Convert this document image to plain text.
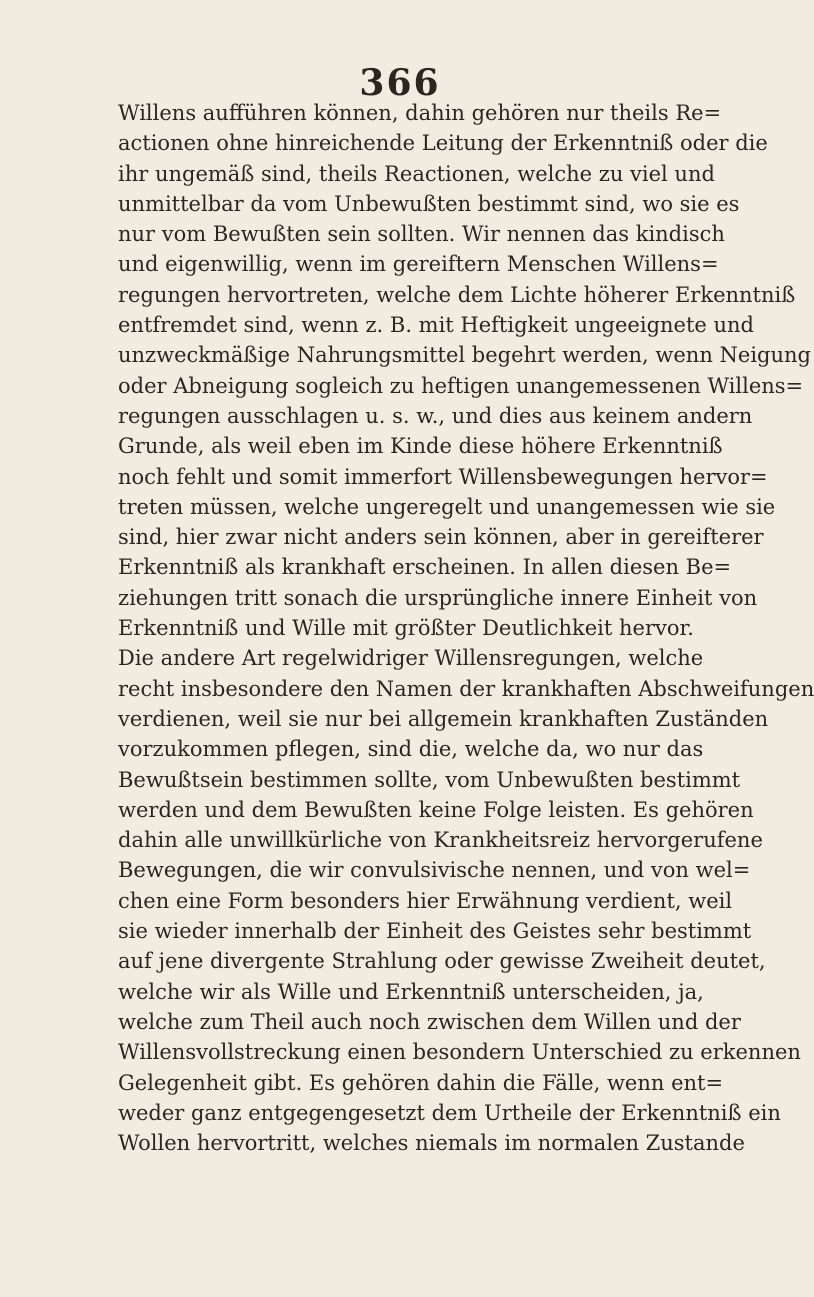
366
Willens aufführen können, dahin gehören nur theils Re=
actionen ohne hinreichende Leitung der Erkenntniß oder die
ihr ungemäß sind, theils Reactionen, welche zu viel und
unmittelbar da vom Unbewußten bestimmt sind, wo sie es
nur vom Bewußten sein sollten. Wir nennen das kindisch
und eigenwillig, wenn im gereiftern Menschen Willens=
regungen hervortreten, welche dem Lichte höherer Erkenntniß
entfremdet sind, wenn z. B. mit Heftigkeit ungeeignete und
unzweckmäßige Nahrungsmittel begehrt werden, wenn Neigung
oder Abneigung sogleich zu heftigen unangemessenen Willens=
regungen ausschlagen u. s. w., und dies aus keinem andern
Grunde, als weil eben im Kinde diese höhere Erkenntniß
noch fehlt und somit immerfort Willensbewegungen hervor=
treten müssen, welche ungeregelt und unangemessen wie sie
sind, hier zwar nicht anders sein können, aber in gereifterer
Erkenntniß als krankhaft erscheinen. In allen diesen Be=
ziehungen tritt sonach die ursprüngliche innere Einheit von
Erkenntniß und Wille mit größter Deutlichkeit hervor.
Die andere Art regelwidriger Willensregungen, welche
recht insbesondere den Namen der krankhaften Abschweifungen
verdienen, weil sie nur bei allgemein krankhaften Zuständen
vorzukommen pflegen, sind die, welche da, wo nur das
Bewußtsein bestimmen sollte, vom Unbewußten bestimmt
werden und dem Bewußten keine Folge leisten. Es gehören
dahin alle unwillkürliche von Krankheitsreiz hervorgerufene
Bewegungen, die wir convulsivische nennen, und von wel=
chen eine Form besonders hier Erwähnung verdient, weil
sie wieder innerhalb der Einheit des Geistes sehr bestimmt
auf jene divergente Strahlung oder gewisse Zweiheit deutet,
welche wir als Wille und Erkenntniß unterscheiden, ja,
welche zum Theil auch noch zwischen dem Willen und der
Willensvollstreckung einen besondern Unterschied zu erkennen
Gelegenheit gibt. Es gehören dahin die Fälle, wenn ent=
weder ganz entgegengesetzt dem Urtheile der Erkenntniß ein
Wollen hervortritt, welches niemals im normalen Zustande
